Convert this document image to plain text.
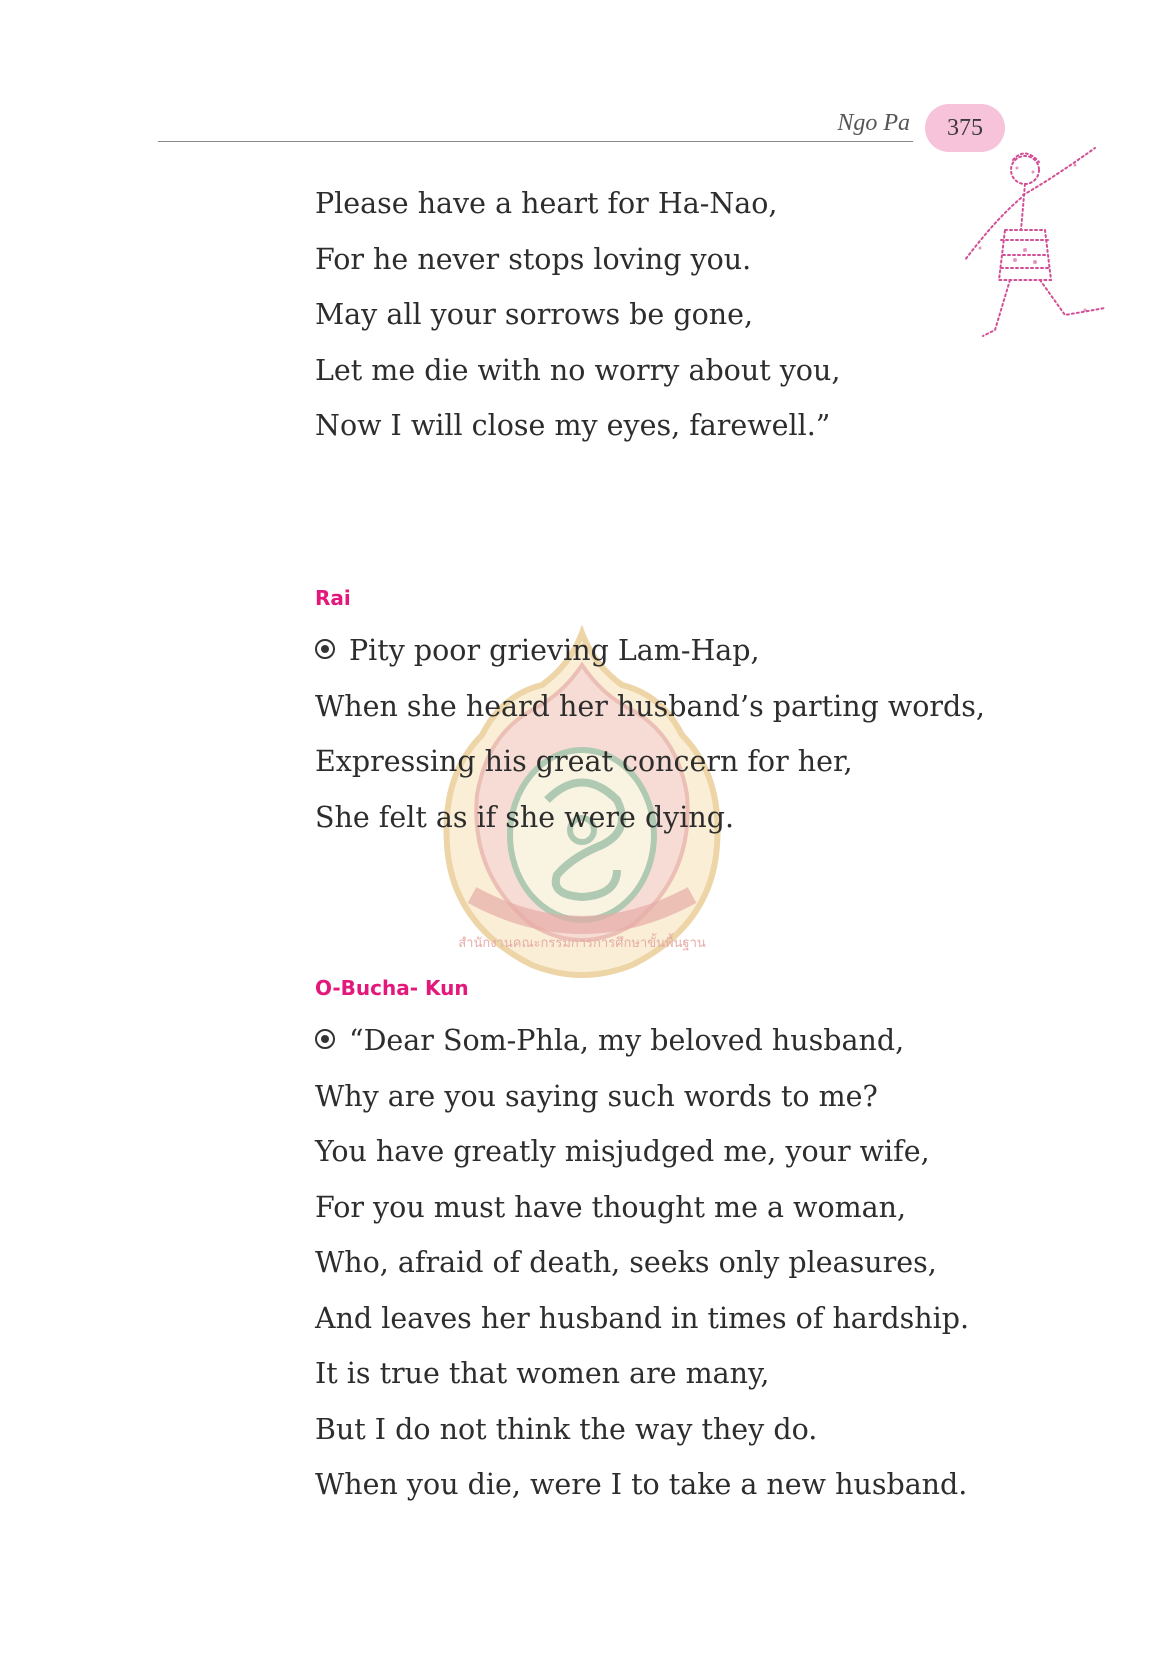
Ngo Pa 375
สำนักงานคณะกรรมการการศึกษาขั้นพื้นฐาน
Please have a heart for Ha-Nao,
For he never stops loving you.
May all your sorrows be gone,
Let me die with no worry about you,
Now I will close my eyes, farewell.”
Rai
Pity poor grieving Lam-Hap,
When she heard her husband’s parting words,
Expressing his great concern for her,
She felt as if she were dying.
O-Bucha- Kun
“Dear Som-Phla, my beloved husband,
Why are you saying such words to me?
You have greatly misjudged me, your wife,
For you must have thought me a woman,
Who, afraid of death, seeks only pleasures,
And leaves her husband in times of hardship.
It is true that women are many,
But I do not think the way they do.
When you die, were I to take a new husband.
